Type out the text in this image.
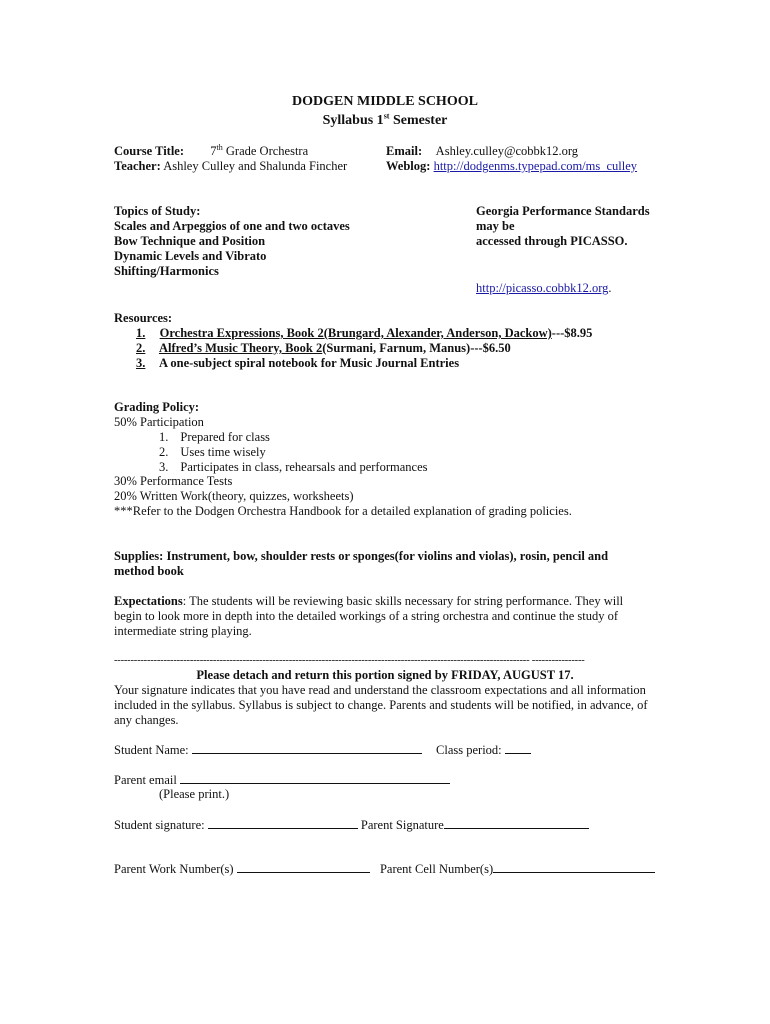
DODGEN MIDDLE SCHOOL
Syllabus 1st Semester
Course Title: 7th Grade Orchestra
Teacher: Ashley Culley and Shalunda Fincher
Email: Ashley.culley@cobbk12.org
Weblog: http://dodgenms.typepad.com/ms_culley
Topics of Study:
Scales and Arpeggios of one and two octaves
Bow Technique and Position
Dynamic Levels and Vibrato
Shifting/Harmonics
Georgia Performance Standards
may be
accessed through PICASSO.
http://picasso.cobbk12.org.
Resources:
1. Orchestra Expressions, Book 2(Brungard, Alexander, Anderson, Dackow)---$8.95
2. Alfred’s Music Theory, Book 2(Surmani, Farnum, Manus)---$6.50
3. A one-subject spiral notebook for Music Journal Entries
Grading Policy:
50% Participation
1. Prepared for class
2. Uses time wisely
3. Participates in class, rehearsals and performances
30% Performance Tests
20% Written Work(theory, quizzes, worksheets)
***Refer to the Dodgen Orchestra Handbook for a detailed explanation of grading policies.
Supplies: Instrument, bow, shoulder rests or sponges(for violins and violas), rosin, pencil and
method book
Expectations: The students will be reviewing basic skills necessary for string performance. They will
begin to look more in depth into the detailed workings of a string orchestra and continue the study of
intermediate string playing.
------------------------------------------------------------------------------------------------------------------------------ ----------------
Please detach and return this portion signed by FRIDAY, AUGUST 17.
Your signature indicates that you have read and understand the classroom expectations and all information
included in the syllabus. Syllabus is subject to change. Parents and students will be notified, in advance, of
any changes.
Student Name:	Class period:
Parent email
(Please print.)
Student signature:	Parent Signature
Parent Work Number(s)	Parent Cell Number(s)
